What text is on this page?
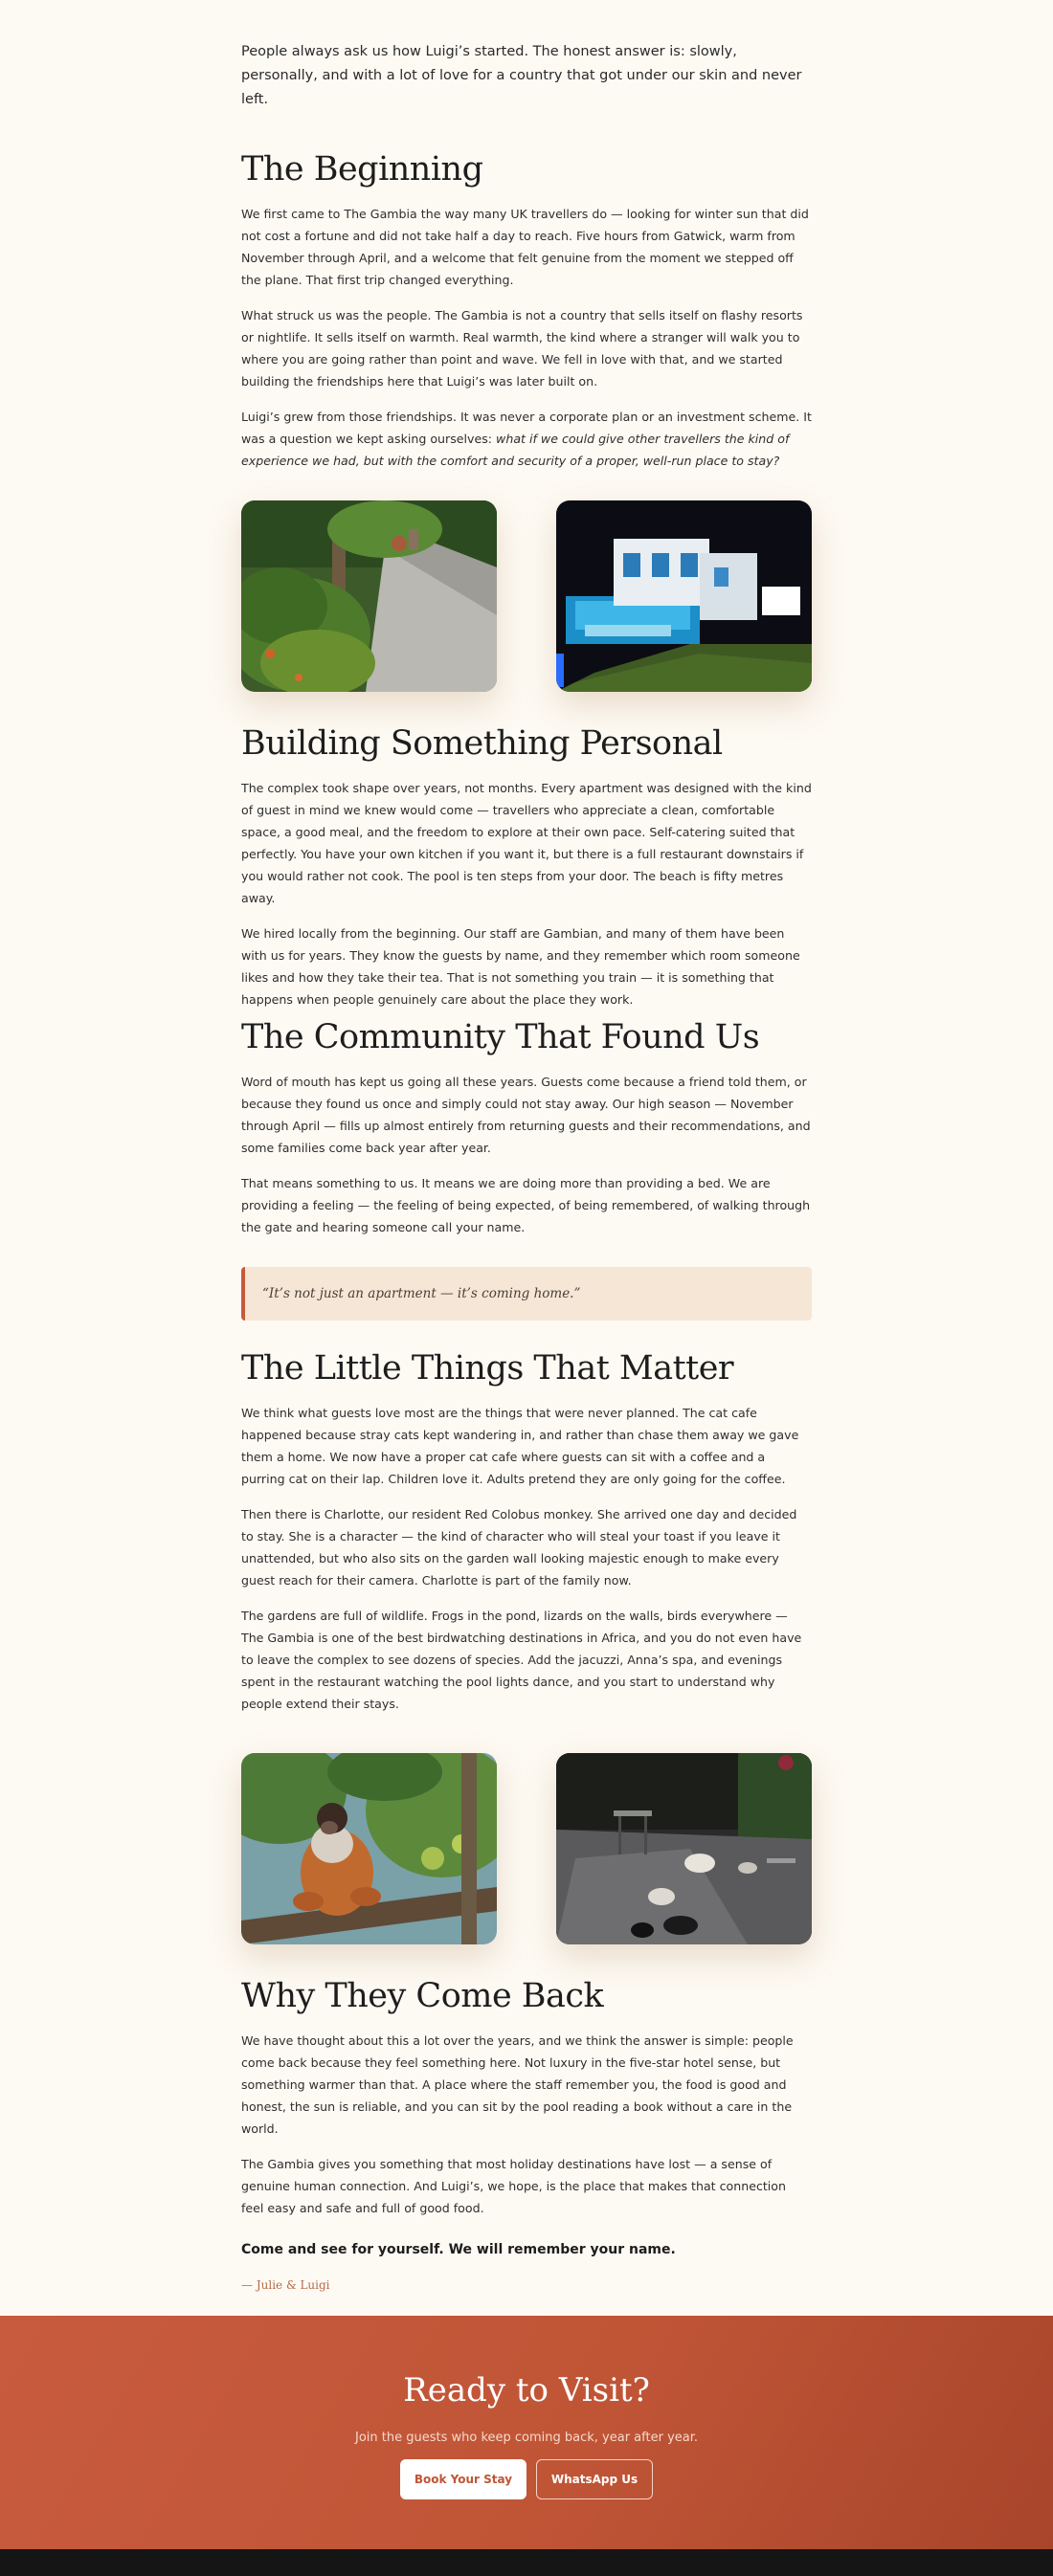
People always ask us how Luigi’s started. The honest answer is: slowly, personally, and with a lot of love for a country that got under our skin and never left.

The Beginning

We first came to The Gambia the way many UK travellers do — looking for winter sun that did not cost a fortune and did not take half a day to reach. Five hours from Gatwick, warm from November through April, and a welcome that felt genuine from the moment we stepped off the plane. That first trip changed everything.

What struck us was the people. The Gambia is not a country that sells itself on flashy resorts or nightlife. It sells itself on warmth. Real warmth, the kind where a stranger will walk you to where you are going rather than point and wave. We fell in love with that, and we started building the friendships here that Luigi’s was later built on.

Luigi’s grew from those friendships. It was never a corporate plan or an investment scheme. It was a question we kept asking ourselves: what if we could give other travellers the kind of experience we had, but with the comfort and security of a proper, well-run place to stay?

Building Something Personal

The complex took shape over years, not months. Every apartment was designed with the kind of guest in mind we knew would come — travellers who appreciate a clean, comfortable space, a good meal, and the freedom to explore at their own pace. Self-catering suited that perfectly. You have your own kitchen if you want it, but there is a full restaurant downstairs if you would rather not cook. The pool is ten steps from your door. The beach is fifty metres away.

We hired locally from the beginning. Our staff are Gambian, and many of them have been with us for years. They know the guests by name, and they remember which room someone likes and how they take their tea. That is not something you train — it is something that happens when people genuinely care about the place they work.

The Community That Found Us

Word of mouth has kept us going all these years. Guests come because a friend told them, or because they found us once and simply could not stay away. Our high season — November through April — fills up almost entirely from returning guests and their recommendations, and some families come back year after year.

That means something to us. It means we are doing more than providing a bed. We are providing a feeling — the feeling of being expected, of being remembered, of walking through the gate and hearing someone call your name.

“It’s not just an apartment — it’s coming home.”
The Little Things That Matter

We think what guests love most are the things that were never planned. The cat cafe happened because stray cats kept wandering in, and rather than chase them away we gave them a home. We now have a proper cat cafe where guests can sit with a coffee and a purring cat on their lap. Children love it. Adults pretend they are only going for the coffee.

Then there is Charlotte, our resident Red Colobus monkey. She arrived one day and decided to stay. She is a character — the kind of character who will steal your toast if you leave it unattended, but who also sits on the garden wall looking majestic enough to make every guest reach for their camera. Charlotte is part of the family now.

The gardens are full of wildlife. Frogs in the pond, lizards on the walls, birds everywhere — The Gambia is one of the best birdwatching destinations in Africa, and you do not even have to leave the complex to see dozens of species. Add the jacuzzi, Anna’s spa, and evenings spent in the restaurant watching the pool lights dance, and you start to understand why people extend their stays.

Why They Come Back

We have thought about this a lot over the years, and we think the answer is simple: people come back because they feel something here. Not luxury in the five-star hotel sense, but something warmer than that. A place where the staff remember you, the food is good and honest, the sun is reliable, and you can sit by the pool reading a book without a care in the world.

The Gambia gives you something that most holiday destinations have lost — a sense of genuine human connection. And Luigi’s, we hope, is the place that makes that connection feel easy and safe and full of good food.

Come and see for yourself. We will remember your name.

— Julie & Luigi

Ready to Visit?

Join the guests who keep coming back, year after year.

Book Your Stay	WhatsApp Us
